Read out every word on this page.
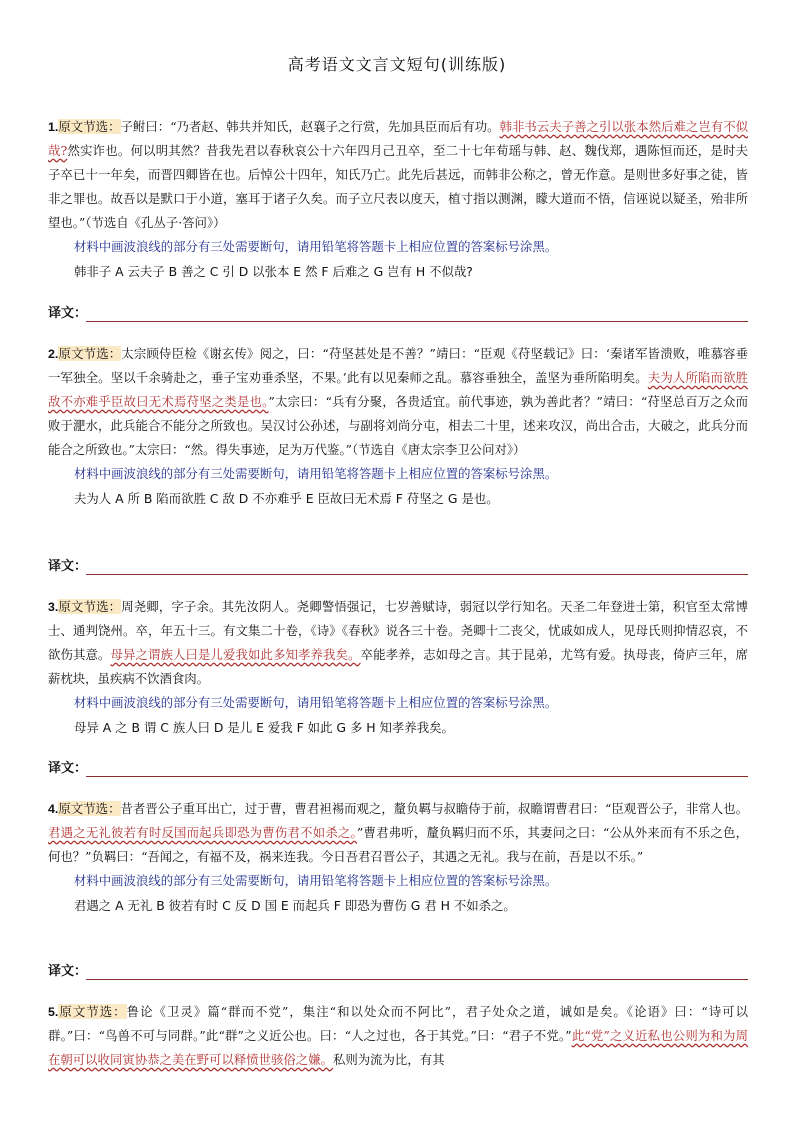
高考语文文言文短句(训练版)

1.原文节选：子鲋曰：“乃者赵、韩共并知氏，赵襄子之行赏，先加具臣而后有功。韩非书云夫子善之引以张本然后难之岂有不似哉?然实诈也。何以明其然？昔我先君以春秋哀公十六年四月己丑卒，至二十七年荀瑶与韩、赵、魏伐郑，遇陈恒而还，是时夫子卒已十一年矣，而晋四卿皆在也。后悼公十四年，知氏乃亡。此先后甚远，而韩非公称之，曾无作意。是则世多好事之徒，皆非之罪也。故吾以是默口于小道，塞耳于诸子久矣。而子立尺表以度天，植寸指以测渊，矇大道而不悟，信诬说以疑圣，殆非所望也。”（节选自《孔丛子·答问》）

材料中画波浪线的部分有三处需要断句，请用铅笔将答题卡上相应位置的答案标号涂黑。

韩非子 A 云夫子 B 善之 C 引 D 以张本 E 然 F 后难之 G 岂有 H 不似哉?

译文：

2.原文节选：太宗顾侍臣检《谢玄传》阅之，曰：“苻坚甚处是不善？”靖曰：“臣观《苻坚载记》曰：‘秦诸军皆溃败，唯慕容垂一军独全。坚以千余骑赴之，垂子宝劝垂杀坚，不果。’此有以见秦师之乱。慕容垂独全，盖坚为垂所陷明矣。夫为人所陷而欲胜敌不亦难乎臣故曰无术焉苻坚之类是也。”太宗曰：“兵有分聚，各贵适宜。前代事迹，孰为善此者？”靖曰：“苻坚总百万之众而败于淝水，此兵能合不能分之所致也。吴汉讨公孙述，与副将刘尚分屯，相去二十里，述来攻汉，尚出合击，大破之，此兵分而能合之所致也。”太宗曰：“然。得失事迹，足为万代鉴。”（节选自《唐太宗李卫公问对》）

材料中画波浪线的部分有三处需要断句，请用铅笔将答题卡上相应位置的答案标号涂黑。

夫为人 A 所 B 陷而欲胜 C 敌 D 不亦难乎 E 臣故曰无术焉 F 苻坚之 G 是也。

译文：

3.原文节选：周尧卿，字子余。其先汝阴人。尧卿警悟强记，七岁善赋诗，弱冠以学行知名。天圣二年登进士第，积官至太常博士、通判饶州。卒，年五十三。有文集二十卷，《诗》《春秋》说各三十卷。尧卿十二丧父，忧戚如成人，见母氏则抑情忍哀，不欲伤其意。母异之谓族人曰是儿爱我如此多知孝养我矣。卒能孝养，志如母之言。其于昆弟，尤笃有爱。执母丧，倚庐三年，席薪枕块，虽疾病不饮酒食肉。

材料中画波浪线的部分有三处需要断句，请用铅笔将答题卡上相应位置的答案标号涂黑。

母异 A 之 B 谓 C 族人曰 D 是儿 E 爱我 F 如此 G 多 H 知孝养我矣。

译文：

4.原文节选：昔者晋公子重耳出亡，过于曹，曹君袒裼而观之，釐负羁与叔瞻侍于前，叔瞻谓曹君曰：“臣观晋公子，非常人也。君遇之无礼彼若有时反国而起兵即恐为曹伤君不如杀之。”曹君弗听，釐负羁归而不乐，其妻问之曰：“公从外来而有不乐之色，何也？”负羁曰：“吾闻之，有福不及，祸来连我。今日吾君召晋公子，其遇之无礼。我与在前，吾是以不乐。”

材料中画波浪线的部分有三处需要断句，请用铅笔将答题卡上相应位置的答案标号涂黑。

君遇之 A 无礼 B 彼若有时 C 反 D 国 E 而起兵 F 即恐为曹伤 G 君 H 不如杀之。

译文：

5.原文节选：鲁论《卫灵》篇“群而不党”，集注“和以处众而不阿比”，君子处众之道，诚如是矣。《论语》曰：“诗可以群。”曰：“鸟兽不可与同群。”此“群”之义近公也。曰：“人之过也，各于其党。”曰：“君子不党。”此“党”之义近私也公则为和为周在朝可以收同寅协恭之美在野可以释愤世骇俗之嫌。私则为流为比，有其
